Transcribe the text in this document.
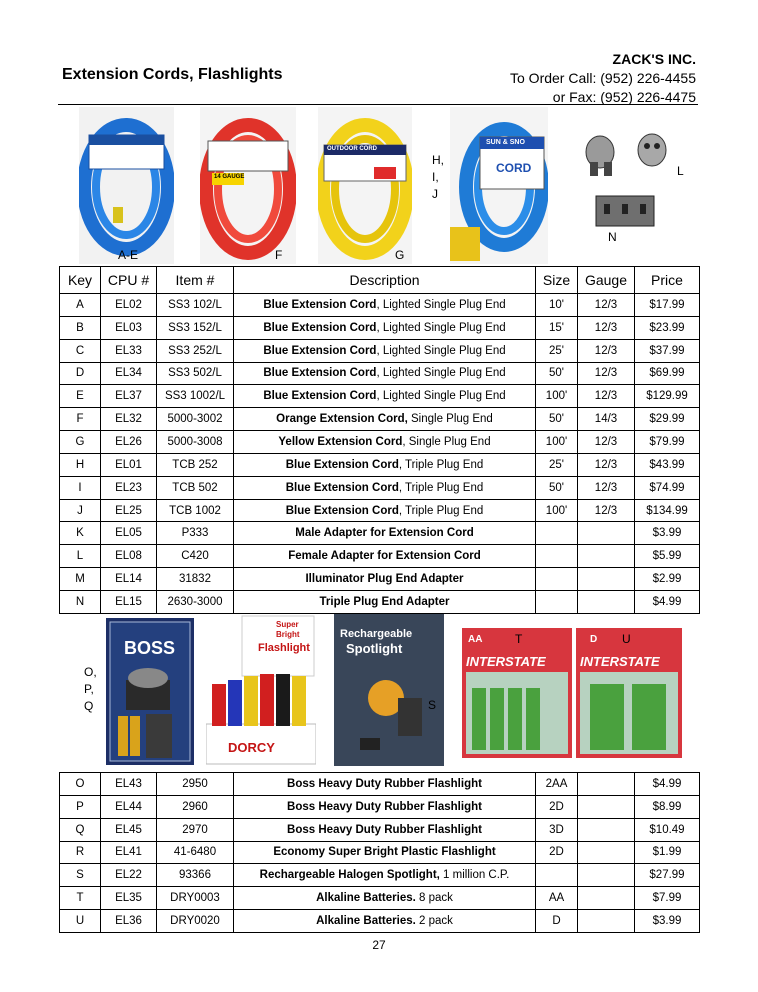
Extension Cords, Flashlights
ZACK'S INC.
To Order Call: (952) 226-4455
or Fax: (952) 226-4475
A-E
14 GAUGE
F
OUTDOOR CORD
G
H,
I,
J
SUN & SNO
CORD	L
N
Key	CPU #	Item #	Description	Size	Gauge	Price
A	EL02	SS3 102/L	Blue Extension Cord, Lighted Single Plug End	10'	12/3	$17.99
B	EL03	SS3 152/L	Blue Extension Cord, Lighted Single Plug End	15'	12/3	$23.99
C	EL33	SS3 252/L	Blue Extension Cord, Lighted Single Plug End	25'	12/3	$37.99
D	EL34	SS3 502/L	Blue Extension Cord, Lighted Single Plug End	50'	12/3	$69.99
E	EL37	SS3 1002/L	Blue Extension Cord, Lighted Single Plug End	100'	12/3	$129.99
F	EL32	5000-3002	Orange Extension Cord, Single Plug End	50'	14/3	$29.99
G	EL26	5000-3008	Yellow Extension Cord, Single Plug End	100'	12/3	$79.99
H	EL01	TCB 252	Blue Extension Cord, Triple Plug End	25'	12/3	$43.99
I	EL23	TCB 502	Blue Extension Cord, Triple Plug End	50'	12/3	$74.99
J	EL25	TCB 1002	Blue Extension Cord, Triple Plug End	100'	12/3	$134.99
K	EL05	P333	Male Adapter for Extension Cord			$3.99
L	EL08	C420	Female Adapter for Extension Cord			$5.99
M	EL14	31832	Illuminator Plug End Adapter			$2.99
N	EL15	2630-3000	Triple Plug End Adapter			$4.99
O,
P,
Q
BOSS
Super
Bright
Flashlight
DORCY
Rechargeable
Spotlight
S
AA
INTERSTATE
T	D
INTERSTATE
U
O	EL43	2950	Boss Heavy Duty Rubber Flashlight	2AA		$4.99
P	EL44	2960	Boss Heavy Duty Rubber Flashlight	2D		$8.99
Q	EL45	2970	Boss Heavy Duty Rubber Flashlight	3D		$10.49
R	EL41	41-6480	Economy Super Bright Plastic Flashlight	2D		$1.99
S	EL22	93366	Rechargeable Halogen Spotlight, 1 million C.P.			$27.99
T	EL35	DRY0003	Alkaline Batteries. 8 pack	AA		$7.99
U	EL36	DRY0020	Alkaline Batteries. 2 pack	D		$3.99
27
